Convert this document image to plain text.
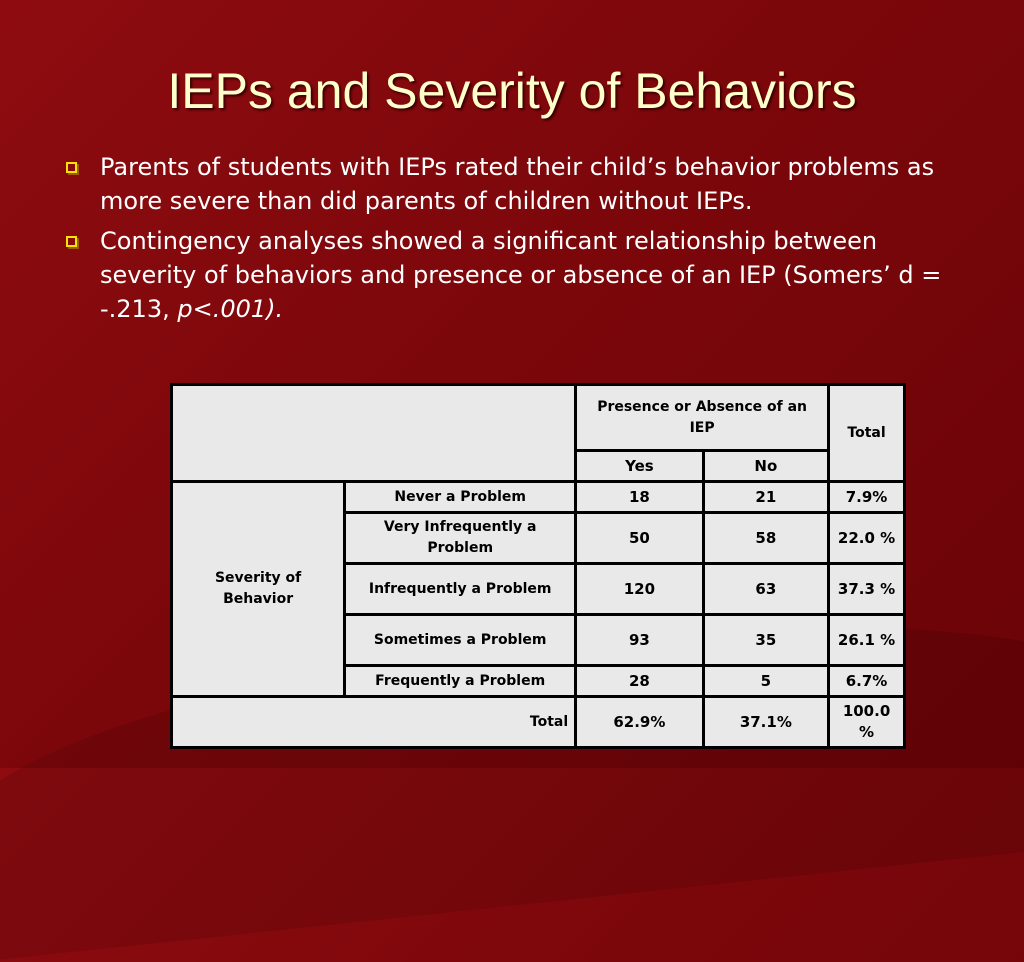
IEPs and Severity of Behaviors
Parents of students with IEPs rated their child’s behavior problems as more severe than did parents of children without IEPs.
Contingency analyses showed a significant relationship between severity of behaviors and presence or absence of an IEP (Somers’ d = -.213, p<.001).
		Presence or Absence of an IEP		Total
		Yes	No	
Severity of Behavior	Never a Problem	18	21	7.9%
	Very Infrequently a Problem	50	58	22.0 %
	Infrequently a Problem	120	63	37.3 %
	Sometimes a Problem	93	35	26.1 %
	Frequently a Problem	28	5	6.7%
Total		62.9%	37.1%	100.0 %
